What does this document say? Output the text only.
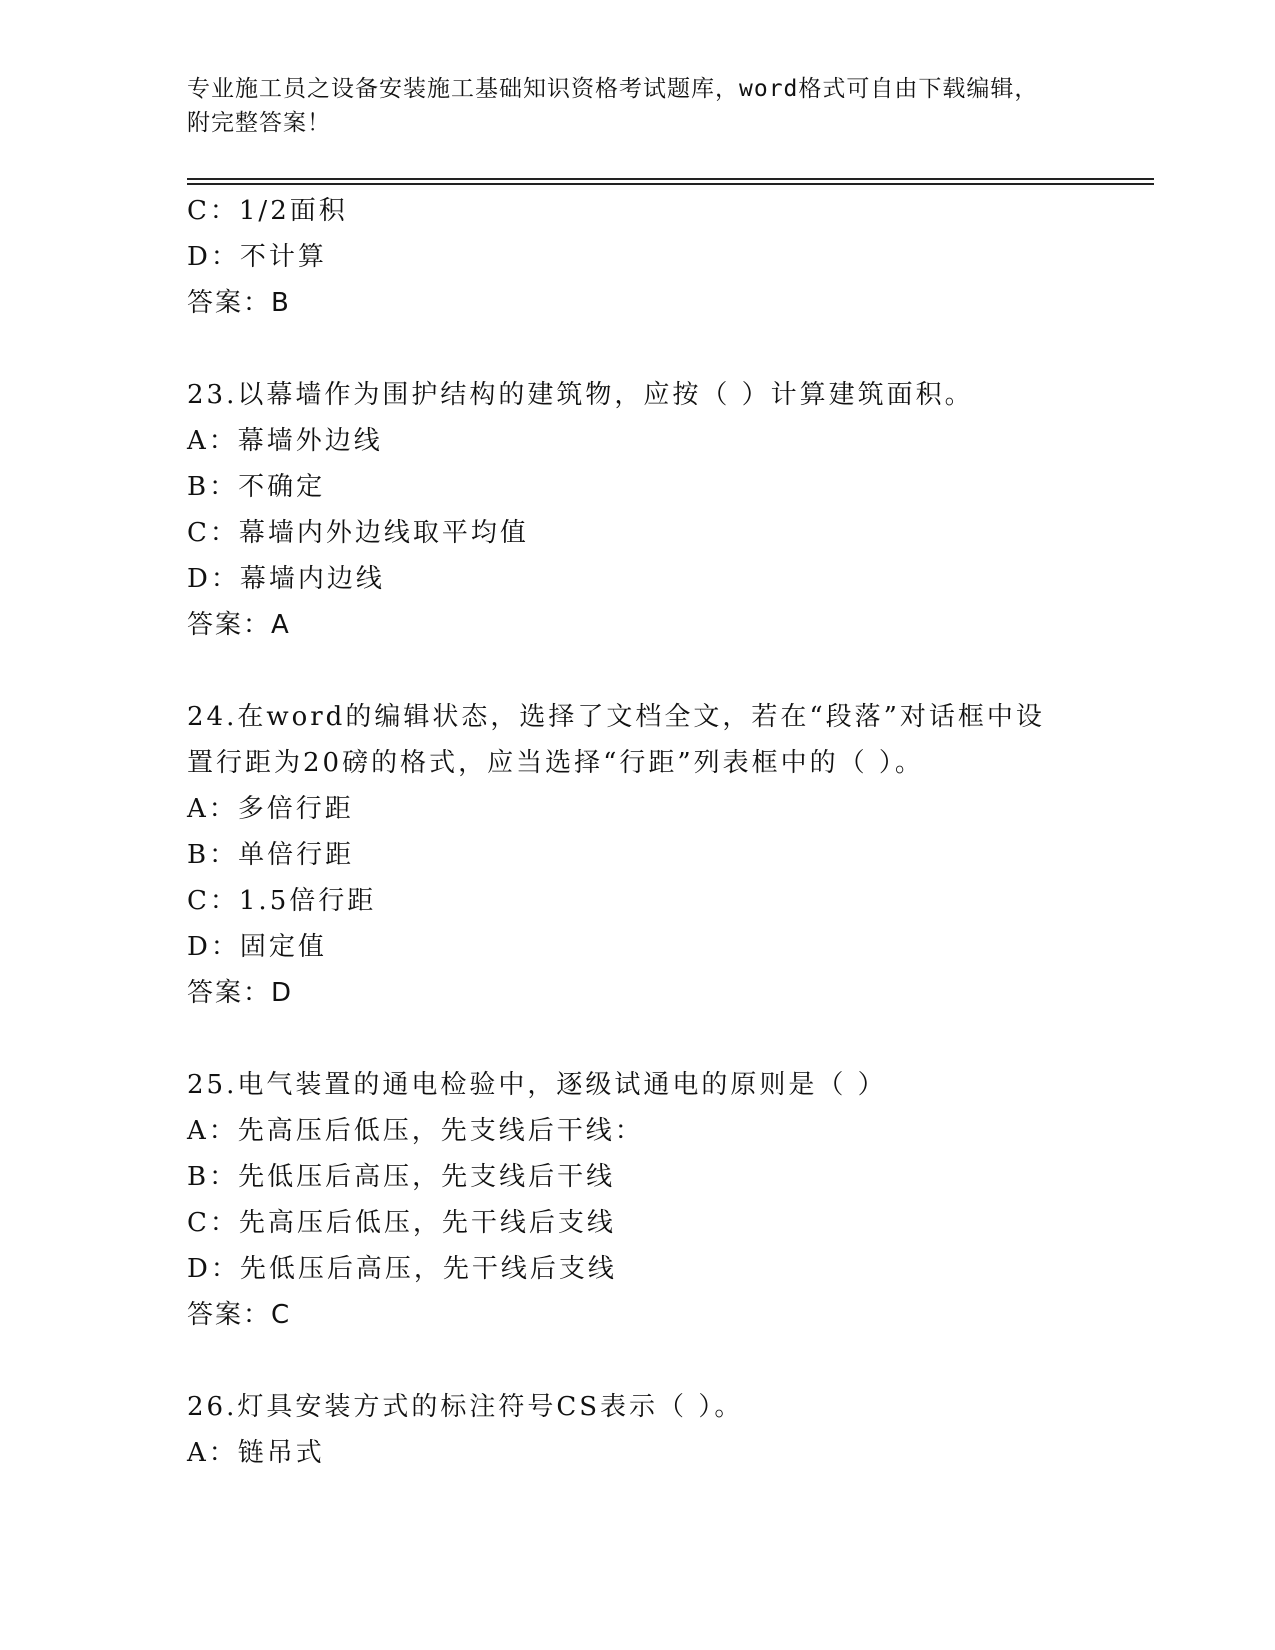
专业施工员之设备安装施工基础知识资格考试题库，word格式可自由下载编辑，
附完整答案！
C：1/2面积
D：不计算
答案：B
23.以幕墙作为围护结构的建筑物，应按（ ）计算建筑面积。
A：幕墙外边线
B：不确定
C：幕墙内外边线取平均值
D：幕墙内边线
答案：A
24.在word的编辑状态，选择了文档全文，若在“段落”对话框中设
置行距为20磅的格式，应当选择“行距”列表框中的（ ）。
A：多倍行距
B：单倍行距
C：1.5倍行距
D：固定值
答案：D
25.电气装置的通电检验中，逐级试通电的原则是（ ）
A：先高压后低压，先支线后干线：
B：先低压后高压，先支线后干线
C：先高压后低压，先干线后支线
D：先低压后高压，先干线后支线
答案：C
26.灯具安装方式的标注符号CS表示（ ）。
A：链吊式
